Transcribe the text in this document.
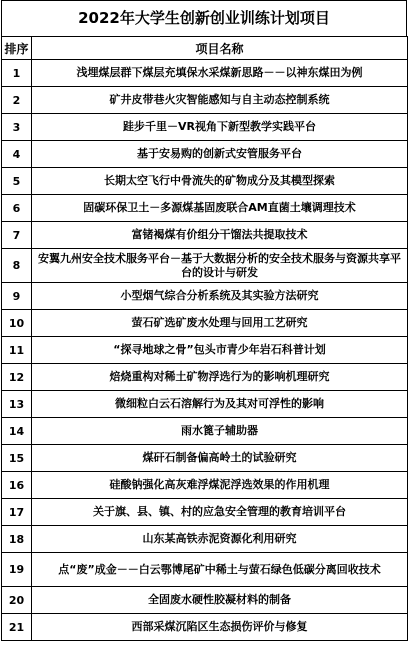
2022年大学生创新创业训练计划项目
排序	项目名称
1	浅埋煤层群下煤层充填保水采煤新思路－－以神东煤田为例
2	矿井皮带巷火灾智能感知与自主动态控制系统
3	跬步千里－VR视角下新型教学实践平台
4	基于安易购的创新式安管服务平台
5	长期太空飞行中骨流失的矿物成分及其模型探索
6	固碳环保卫土－多源煤基固废联合AM直菌土壤调理技术
7	富锗褐煤有价组分干馏法共提取技术
8	安翼九州安全技术服务平台－基于大数据分析的安全技术服务与资源共享平台的设计与研发
9	小型烟气综合分析系统及其实验方法研究
10	萤石矿选矿废水处理与回用工艺研究
11	“探寻地球之骨”包头市青少年岩石科普计划
12	焙烧重构对稀土矿物浮选行为的影响机理研究
13	微细粒白云石溶解行为及其对可浮性的影响
14	雨水篦子辅助器
15	煤矸石制备偏高岭土的试验研究
16	硅酸钠强化高灰难浮煤泥浮选效果的作用机理
17	关于旗、县、镇、村的应急安全管理的教育培训平台
18	山东某高铁赤泥资源化利用研究
19	点“废”成金－－白云鄂博尾矿中稀土与萤石绿色低碳分离回收技术
20	全固废水硬性胶凝材料的制备
21	西部采煤沉陷区生态损伤评价与修复
